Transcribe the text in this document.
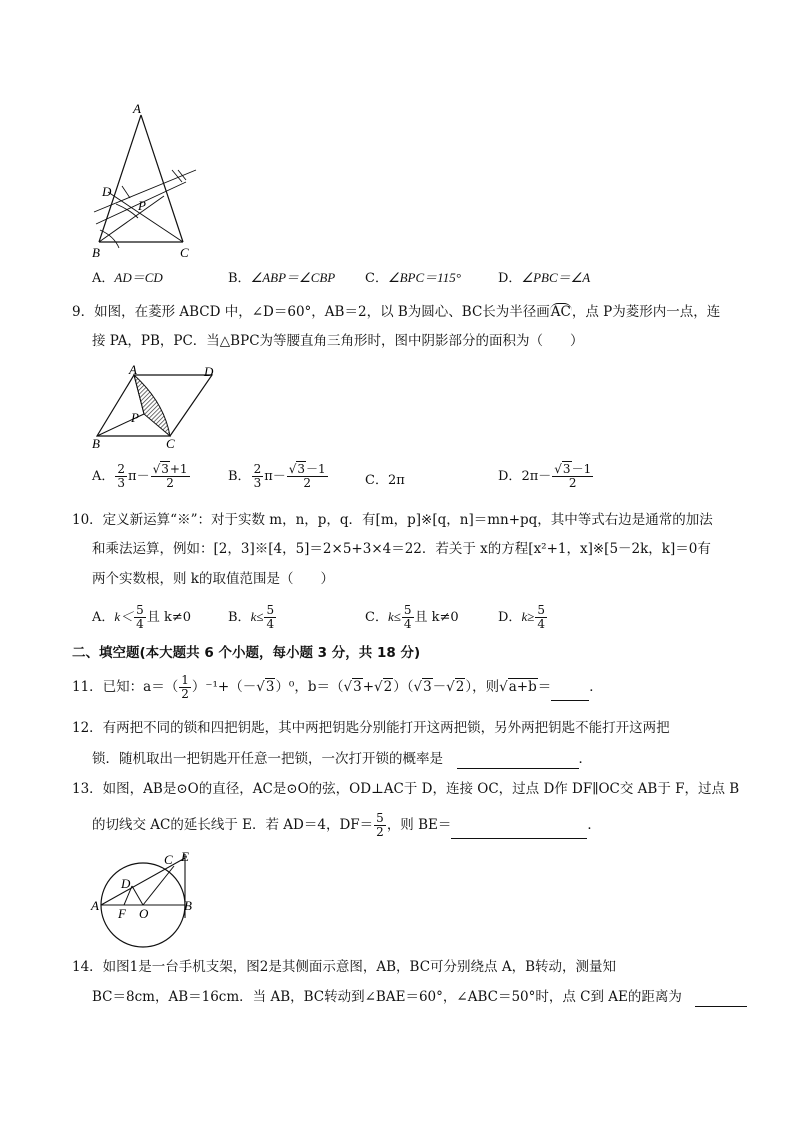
A
D
P
B	C
A．AD＝CD	B．∠ABP＝∠CBP C．∠BPC＝115°	D．∠PBC＝∠A
9．如图，在菱形 ABCD 中，∠D＝60°，AB＝2，以 B为圆心、BC长为半径画AC，点 P为菱形内一点，连
接 PA，PB，PC．当△BPC为等腰直角三角形时，图中阴影部分的面积为（　　）
A	D
P
B	C
A． $\frac{2}{3} \pi- \frac{√3+1}{2}$	B． $\frac{2}{3} \pi- \frac{√3-1}{2}$	C．2π	D．$2\pi- \frac{√3-1}{2}$
10．定义新运算“※”：对于实数 m，n，p，q．有[m，p]※[q，n]＝mn+pq，其中等式右边是通常的加法
和乘法运算，例如：[2，3]※[4，5]＝2×5+3×4＝22．若关于 x的方程[x²+1，x]※[5－2k，k]＝0有
两个实数根，则 k的取值范围是（　　）
A．$k< \frac{5}{4}$ 且 k≠0	B．$k\le \frac{5}{4}$	C．$k\le \frac{5}{4}$ 且 k≠0	D．$k\ge \frac{5}{4}$
二、填空题(本大题共 6 个小题，每小题 3 分，共 18 分)
11．已知：$a=( \frac{1}{2} )^{-1}+(-√3)^0$，b＝（√3+√2）（√3－√2），则√a+b＝	．
12．有两把不同的锁和四把钥匙，其中两把钥匙分别能打开这两把锁，另外两把钥匙不能打开这两把
锁．随机取出一把钥匙开任意一把锁，一次打开锁的概率是　	．
13．如图，AB是⊙O的直径，AC是⊙O的弦，OD⊥AC于 D，连接 OC，过点 D作 DF∥OC交 AB于 F，过点 B
的切线交 AC的延长线于 E．若 AD＝4，$DF= \frac{5}{2}$ ，则 BE＝	．
C E
D
A
F O
B
14．如图1是一台手机支架，图2是其侧面示意图，AB，BC可分别绕点 A，B转动，测量知
BC＝8cm，AB＝16cm．当 AB，BC转动到∠BAE＝60°，∠ABC＝50°时，点 C到 AE的距离为　
